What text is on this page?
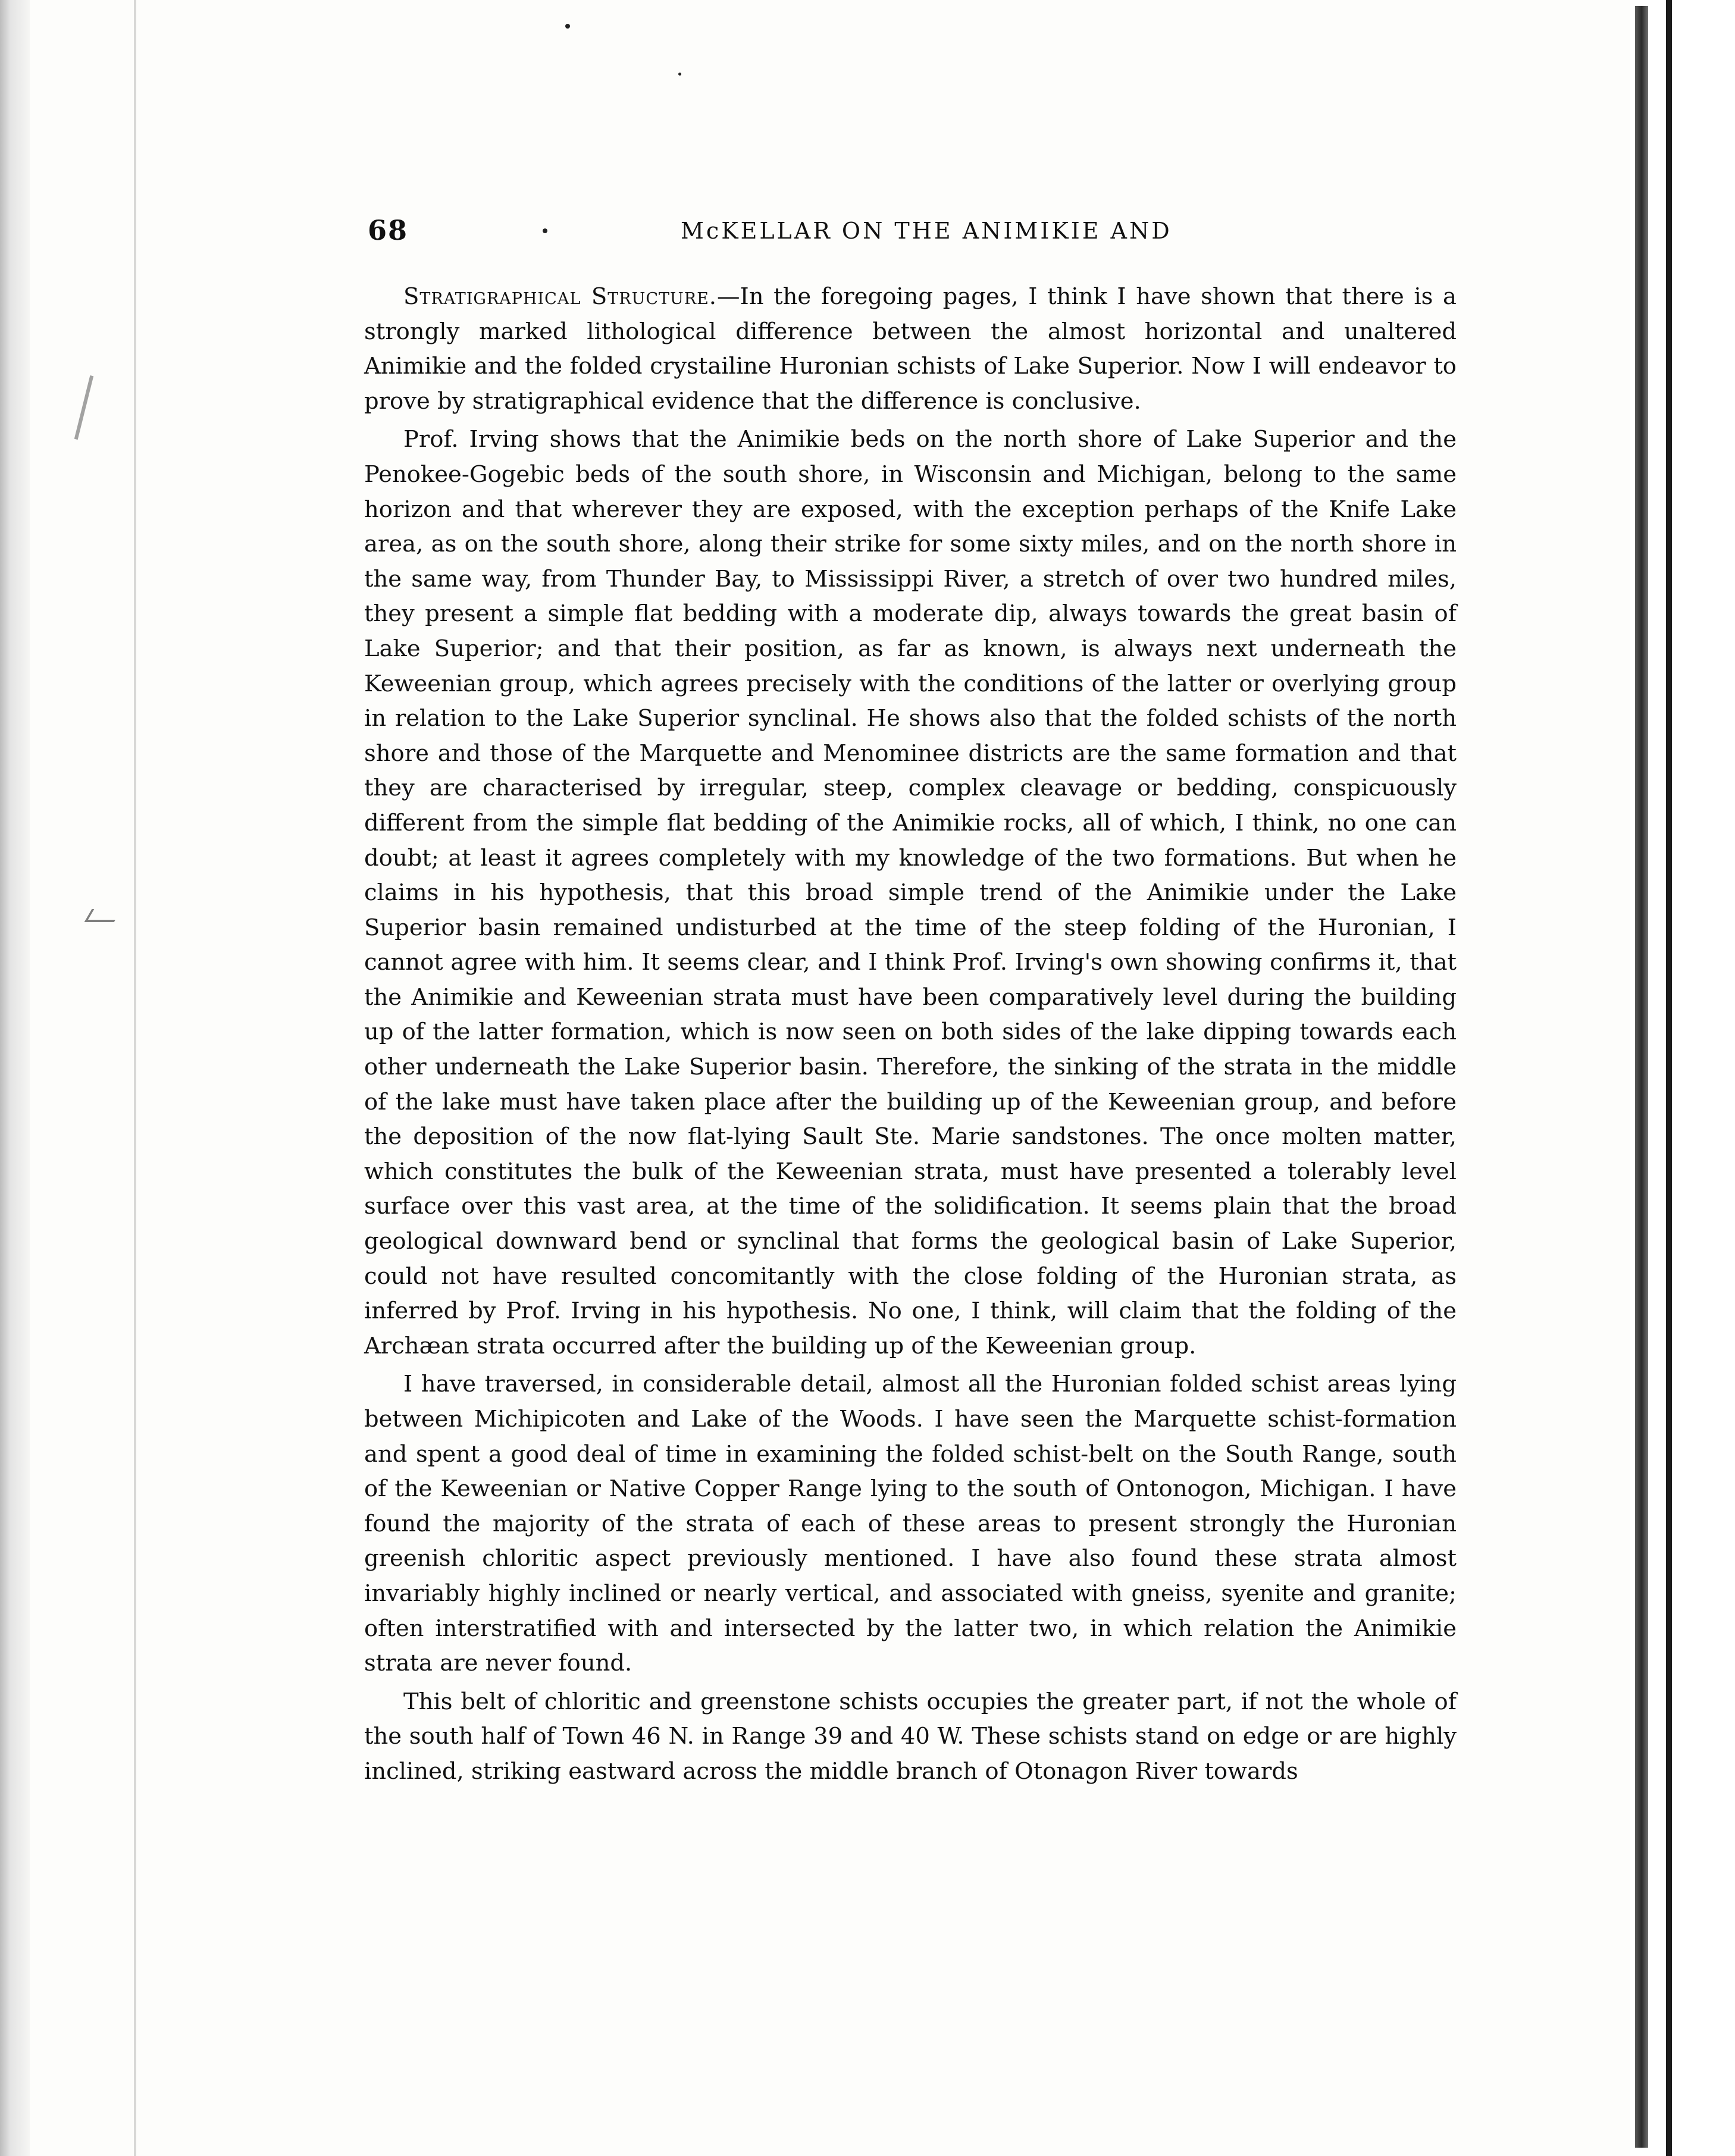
68	McKELLAR ON THE ANIMIKIE AND

Stratigraphical Structure.—In the foregoing pages, I think I have shown that there is a strongly marked lithological difference between the almost horizontal and unaltered Animikie and the folded crystailine Huronian schists of Lake Superior. Now I will endeavor to prove by stratigraphical evidence that the difference is conclusive.

Prof. Irving shows that the Animikie beds on the north shore of Lake Superior and the Penokee-Gogebic beds of the south shore, in Wisconsin and Michigan, belong to the same horizon and that wherever they are exposed, with the exception perhaps of the Knife Lake area, as on the south shore, along their strike for some sixty miles, and on the north shore in the same way, from Thunder Bay, to Mississippi River, a stretch of over two hundred miles, they present a simple flat bedding with a moderate dip, always towards the great basin of Lake Superior; and that their position, as far as known, is always next underneath the Keweenian group, which agrees precisely with the conditions of the latter or overlying group in relation to the Lake Superior synclinal. He shows also that the folded schists of the north shore and those of the Marquette and Menominee districts are the same formation and that they are characterised by irregular, steep, complex cleavage or bedding, conspicuously different from the simple flat bedding of the Animikie rocks, all of which, I think, no one can doubt; at least it agrees completely with my knowledge of the two formations. But when he claims in his hypothesis, that this broad simple trend of the Animikie under the Lake Superior basin remained undisturbed at the time of the steep folding of the Huronian, I cannot agree with him. It seems clear, and I think Prof. Irving's own showing confirms it, that the Animikie and Keweenian strata must have been comparatively level during the building up of the latter formation, which is now seen on both sides of the lake dipping towards each other underneath the Lake Superior basin. Therefore, the sinking of the strata in the middle of the lake must have taken place after the building up of the Keweenian group, and before the deposition of the now flat-lying Sault Ste. Marie sandstones. The once molten matter, which constitutes the bulk of the Keweenian strata, must have presented a tolerably level surface over this vast area, at the time of the solidification. It seems plain that the broad geological downward bend or synclinal that forms the geological basin of Lake Superior, could not have resulted concomitantly with the close folding of the Huronian strata, as inferred by Prof. Irving in his hypothesis. No one, I think, will claim that the folding of the Archæan strata occurred after the building up of the Keweenian group.

I have traversed, in considerable detail, almost all the Huronian folded schist areas lying between Michipicoten and Lake of the Woods. I have seen the Marquette schist-formation and spent a good deal of time in examining the folded schist-belt on the South Range, south of the Keweenian or Native Copper Range lying to the south of Ontonogon, Michigan. I have found the majority of the strata of each of these areas to present strongly the Huronian greenish chloritic aspect previously mentioned. I have also found these strata almost invariably highly inclined or nearly vertical, and associated with gneiss, syenite and granite; often interstratified with and intersected by the latter two, in which relation the Animikie strata are never found.

This belt of chloritic and greenstone schists occupies the greater part, if not the whole of the south half of Town 46 N. in Range 39 and 40 W. These schists stand on edge or are highly inclined, striking eastward across the middle branch of Otonagon River towards
